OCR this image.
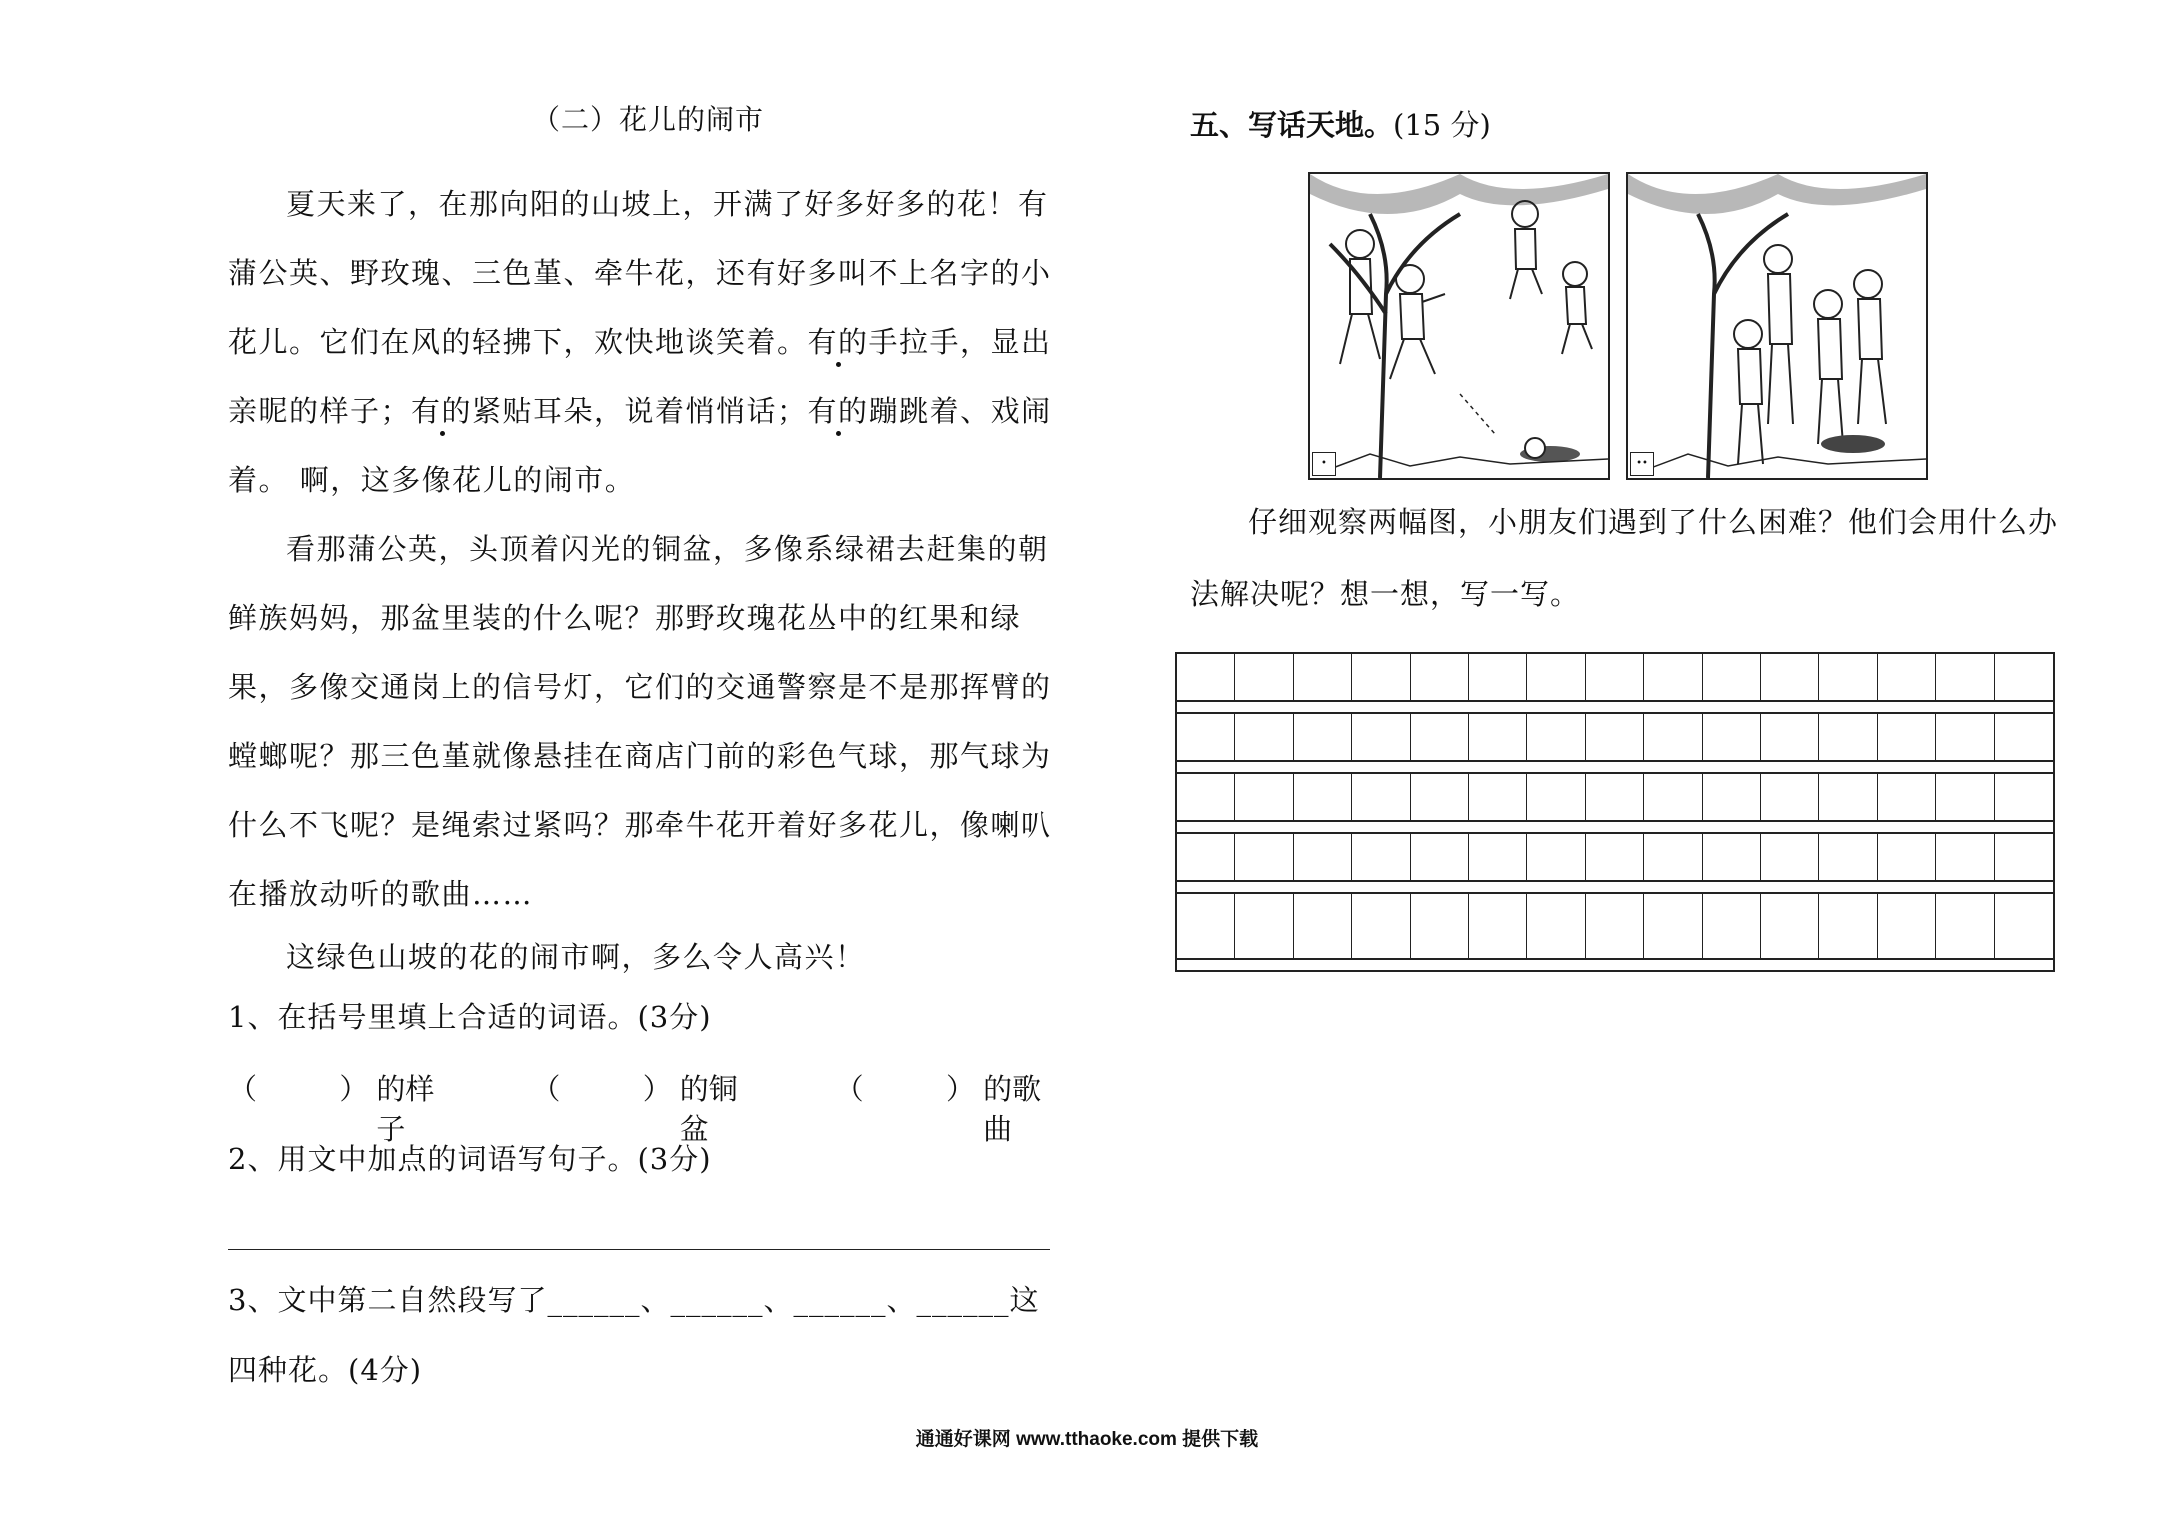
（二）花儿的闹市

夏天来了，在那向阳的山坡上，开满了好多好多的花！有蒲公英、野玫瑰、三色堇、牵牛花，还有好多叫不上名字的小花儿。它们在风的轻拂下，欢快地谈笑着。有的手拉手，显出亲昵的样子；有的紧贴耳朵，说着悄悄话；有的蹦跳着、戏闹着。 啊，这多像花儿的闹市。

看那蒲公英，头顶着闪光的铜盆，多像系绿裙去赶集的朝鲜族妈妈，那盆里装的什么呢？那野玫瑰花丛中的红果和绿果，多像交通岗上的信号灯，它们的交通警察是不是那挥臂的螳螂呢？那三色堇就像悬挂在商店门前的彩色气球，那气球为什么不飞呢？是绳索过紧吗？那牵牛花开着好多花儿，像喇叭在播放动听的歌曲……

这绿色山坡的花的闹市啊，多么令人高兴！

1、在括号里填上合适的词语。(3分)

（	） 的样子
（	） 的铜盆
（	） 的歌曲

2、用文中加点的词语写句子。(3分)

3、文中第二自然段写了______、______、______、______这

四种花。(4分)

五、写话天地。(15 分)
•	••

仔细观察两幅图，小朋友们遇到了什么困难？他们会用什么办法解决呢？想一想，写一写。

通通好课网 www.tthaoke.com 提供下载
